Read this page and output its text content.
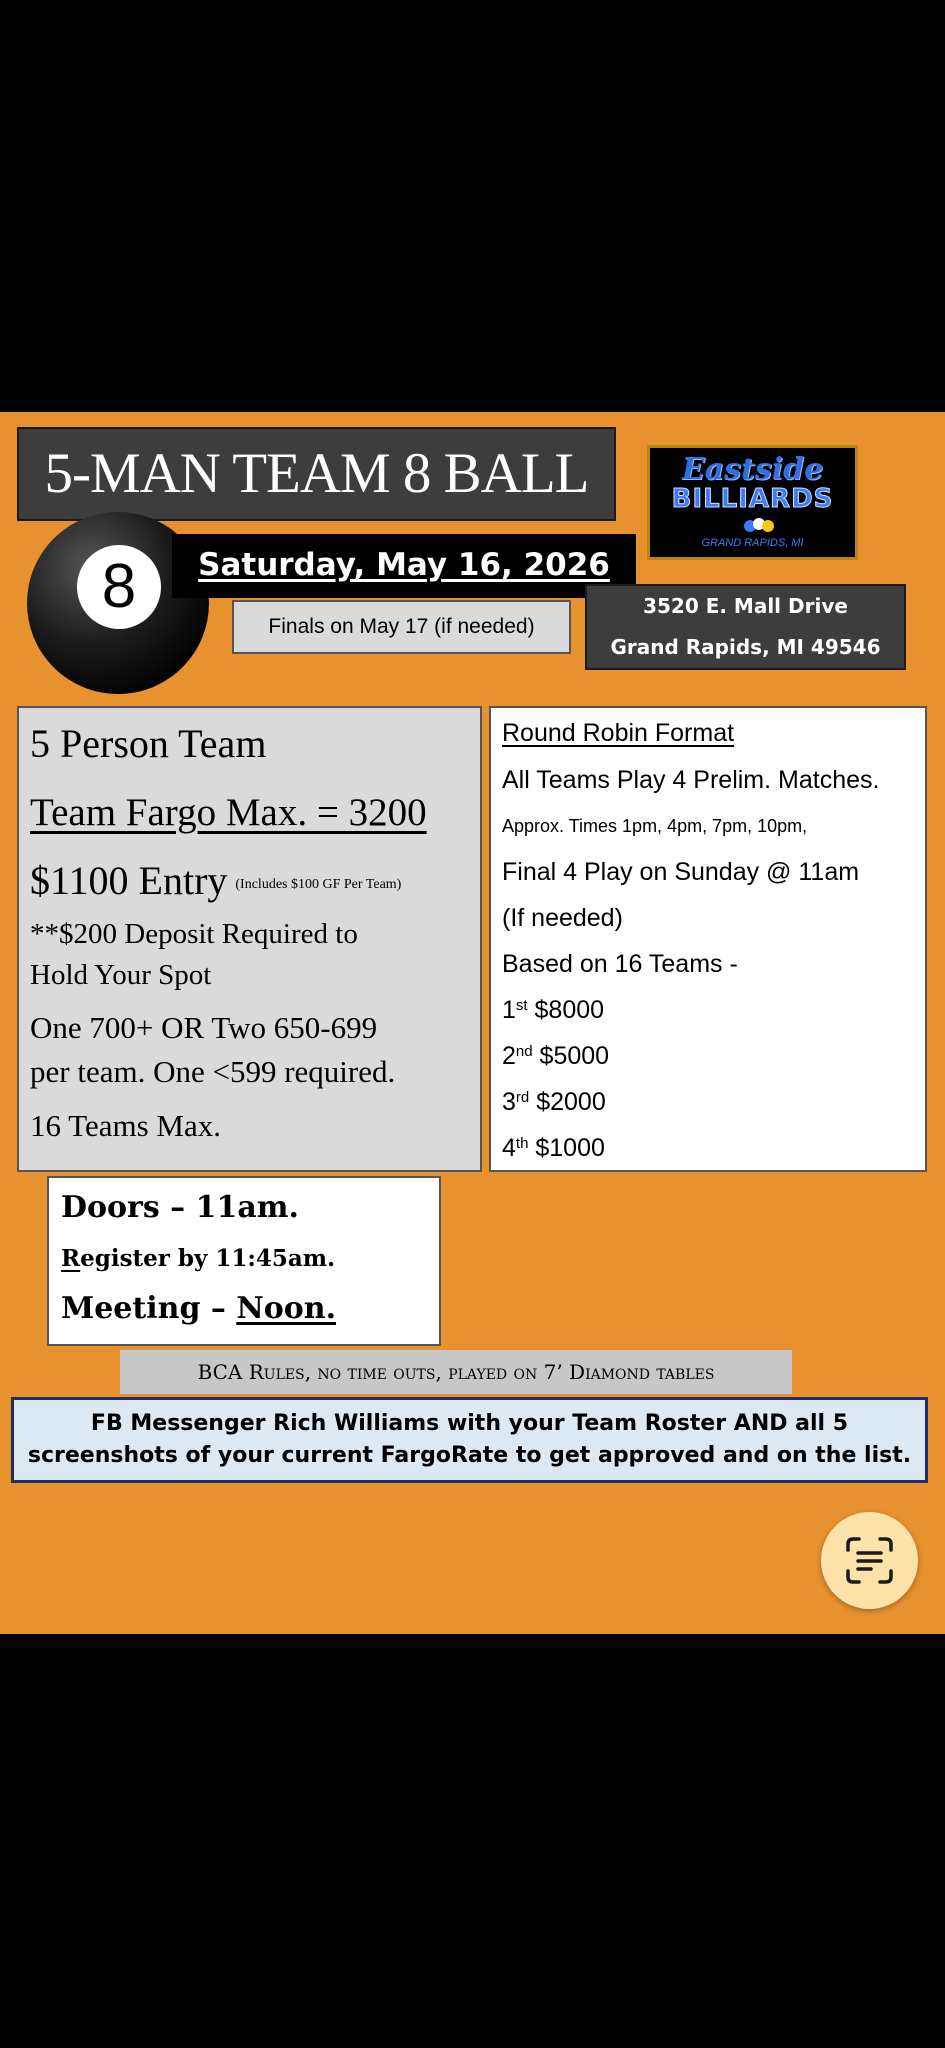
5-MAN TEAM 8 BALL	Eastside
BILLIARDS
GRAND RAPIDS, MI
8	Saturday, May 16, 2026
Finals on May 17 (if needed)
3520 E. Mall Drive
Grand Rapids, MI 49546
5 Person Team
Team Fargo Max. = 3200
$1100 Entry (Includes $100 GF Per Team)
**$200 Deposit Required to
Hold Your Spot
One 700+ OR Two 650-699
per team. One <599 required.
16 Teams Max.
Round Robin Format
All Teams Play 4 Prelim. Matches.
Approx. Times 1pm, 4pm, 7pm, 10pm,
Final 4 Play on Sunday @ 11am
(If needed)
Based on 16 Teams -
1st $8000
2nd $5000
3rd $2000
4th $1000
Doors – 11am.
Register by 11:45am.
Meeting – Noon.
BCA Rules, no time outs, played on 7’ Diamond tables
FB Messenger Rich Williams with your Team Roster AND all 5
screenshots of your current FargoRate to get approved and on the list.
